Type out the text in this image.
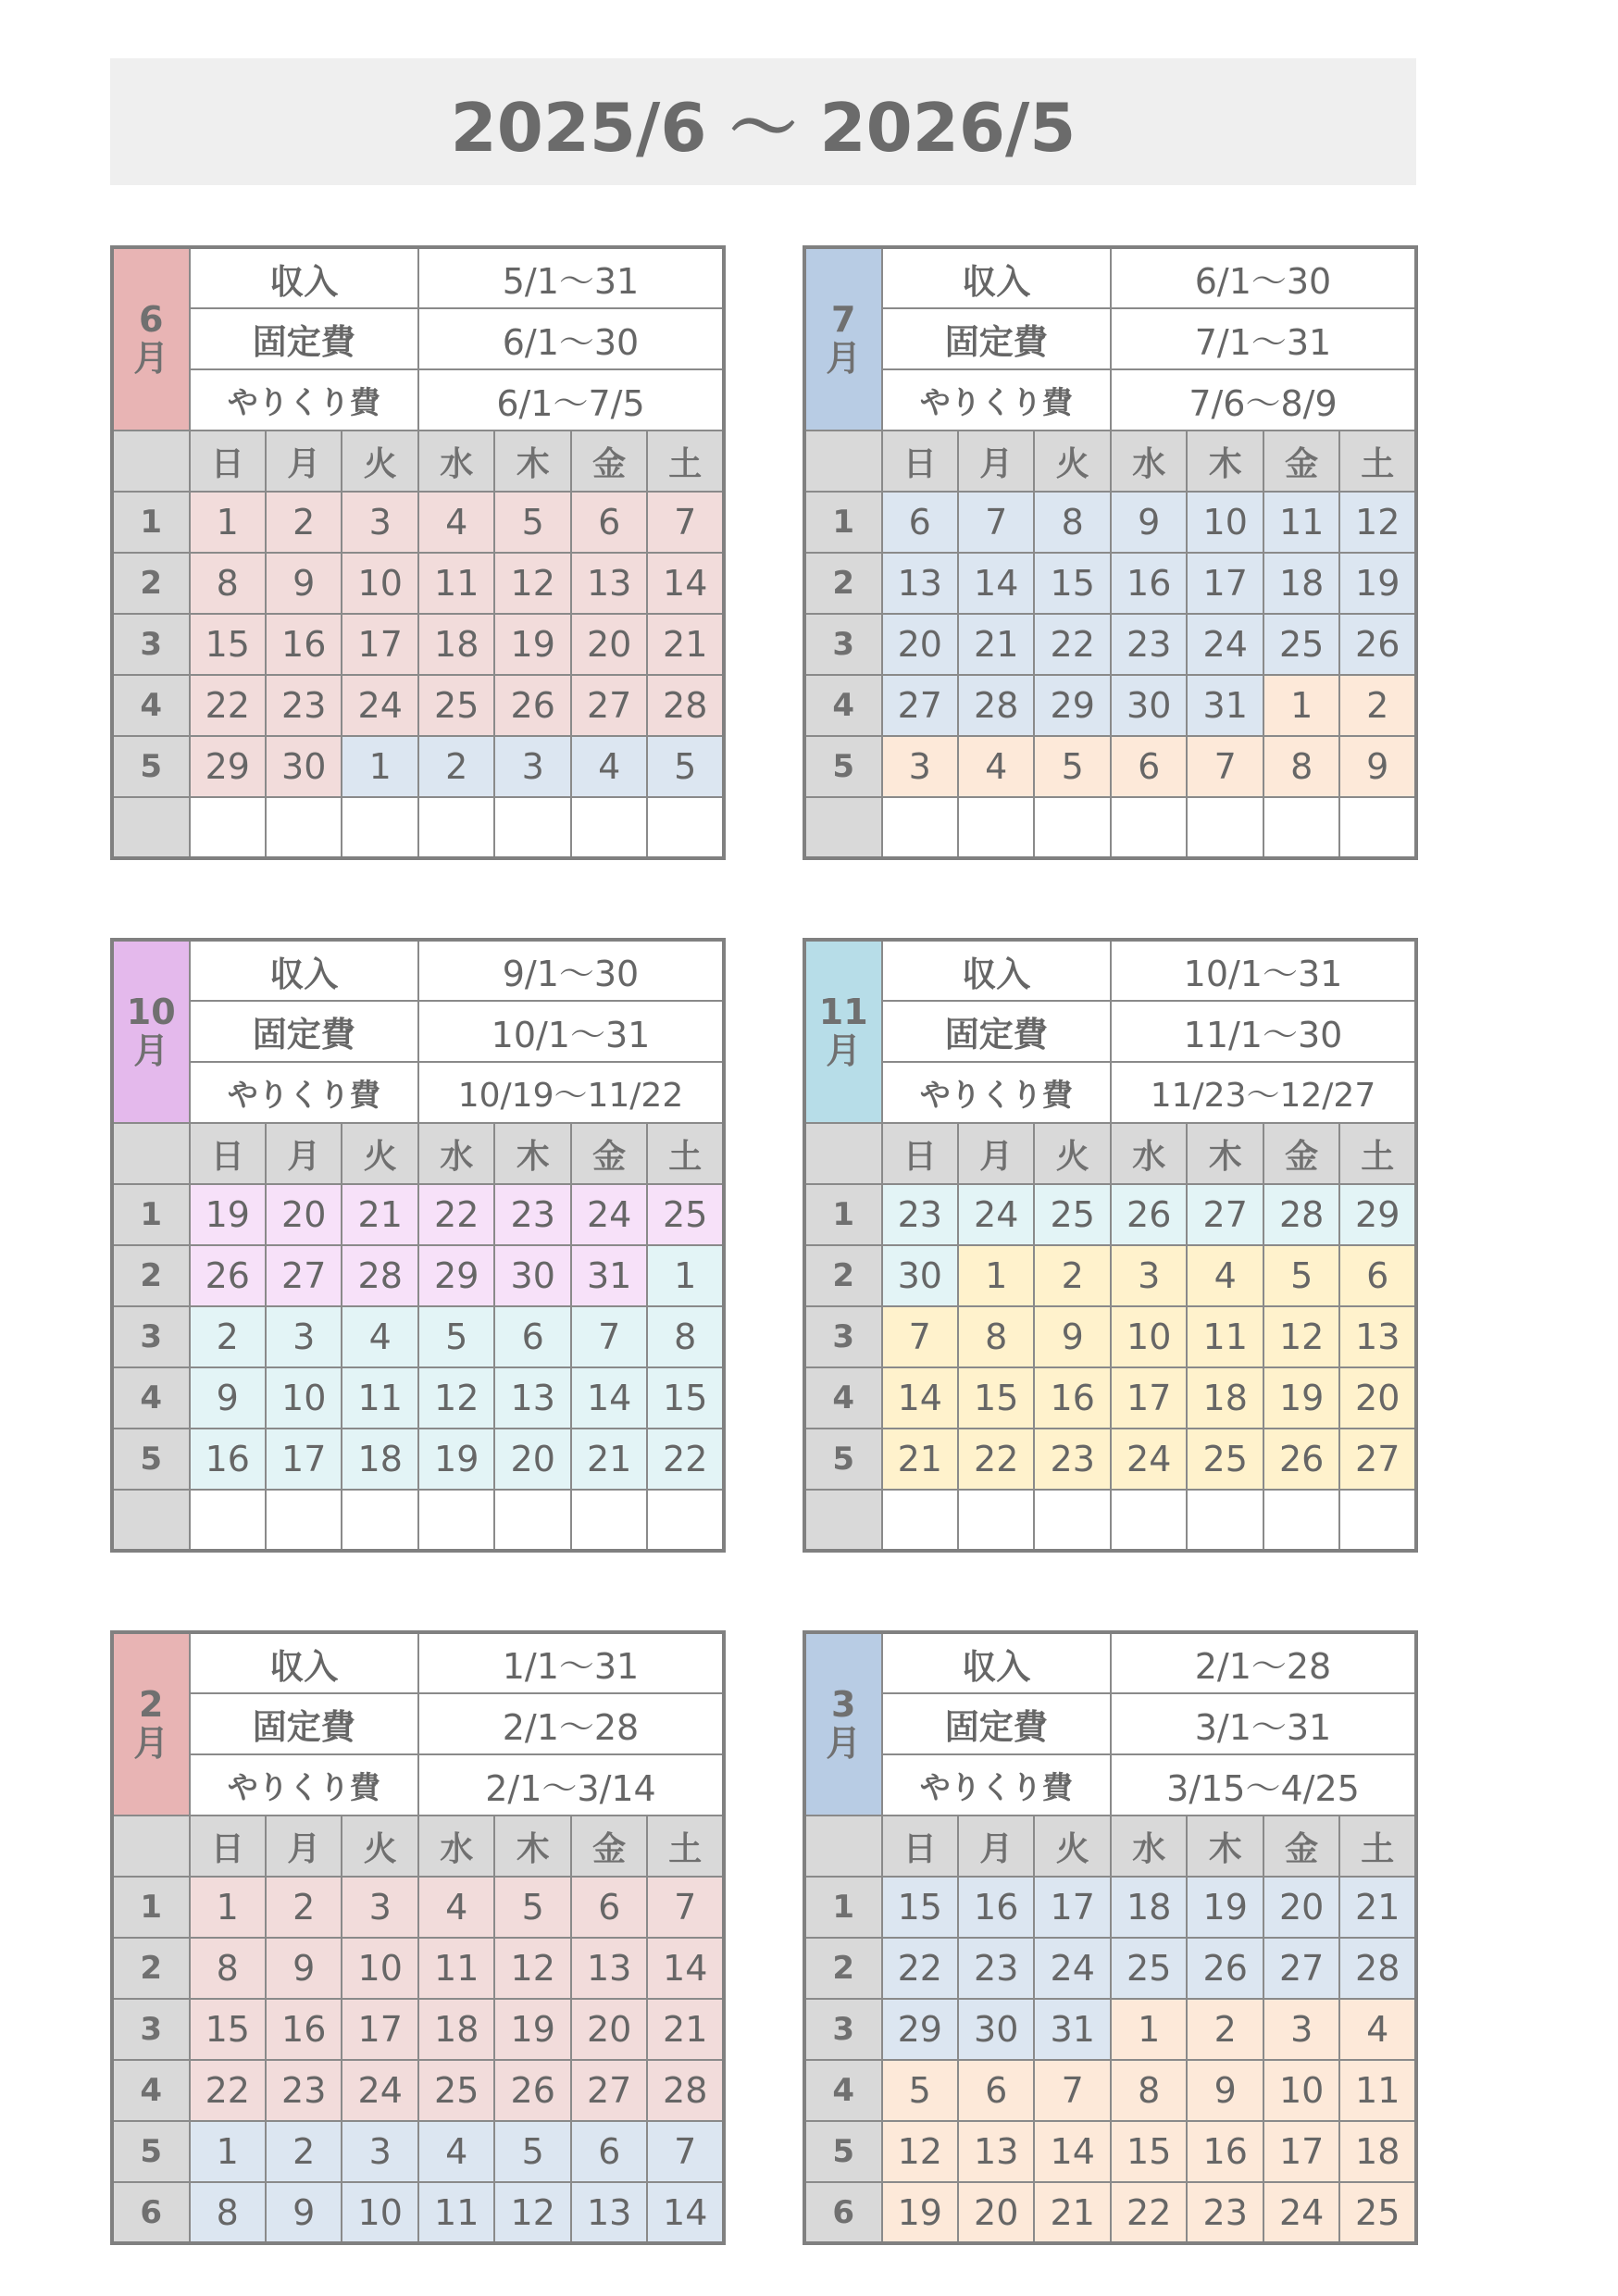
2025/6 〜 2026/5
6
月	収入			5/1〜31			
	固定費			6/1〜30			
	やりくり費			6/1〜7/5			
	日	月	火	水	木	金	土
1	1	2	3	4	5	6	7
2	8	9	10	11	12	13	14
3	15	16	17	18	19	20	21
4	22	23	24	25	26	27	28
5	29	30	1	2	3	4	5

7
月	収入			6/1〜30			
	固定費			7/1〜31			
	やりくり費			7/6〜8/9			
	日	月	火	水	木	金	土
1	6	7	8	9	10	11	12
2	13	14	15	16	17	18	19
3	20	21	22	23	24	25	26
4	27	28	29	30	31	1	2
5	3	4	5	6	7	8	9

10
月	収入			9/1〜30			
	固定費			10/1〜31			
	やりくり費			10/19〜11/22			
	日	月	火	水	木	金	土
1	19	20	21	22	23	24	25
2	26	27	28	29	30	31	1
3	2	3	4	5	6	7	8
4	9	10	11	12	13	14	15
5	16	17	18	19	20	21	22

11
月	収入			10/1〜31			
	固定費			11/1〜30			
	やりくり費			11/23〜12/27			
	日	月	火	水	木	金	土
1	23	24	25	26	27	28	29
2	30	1	2	3	4	5	6
3	7	8	9	10	11	12	13
4	14	15	16	17	18	19	20
5	21	22	23	24	25	26	27

2
月	収入			1/1〜31			
	固定費			2/1〜28			
	やりくり費			2/1〜3/14			
	日	月	火	水	木	金	土
1	1	2	3	4	5	6	7
2	8	9	10	11	12	13	14
3	15	16	17	18	19	20	21
4	22	23	24	25	26	27	28
5	1	2	3	4	5	6	7
6	8	9	10	11	12	13	14
3
月	収入			2/1〜28			
	固定費			3/1〜31			
	やりくり費			3/15〜4/25			
	日	月	火	水	木	金	土
1	15	16	17	18	19	20	21
2	22	23	24	25	26	27	28
3	29	30	31	1	2	3	4
4	5	6	7	8	9	10	11
5	12	13	14	15	16	17	18
6	19	20	21	22	23	24	25
